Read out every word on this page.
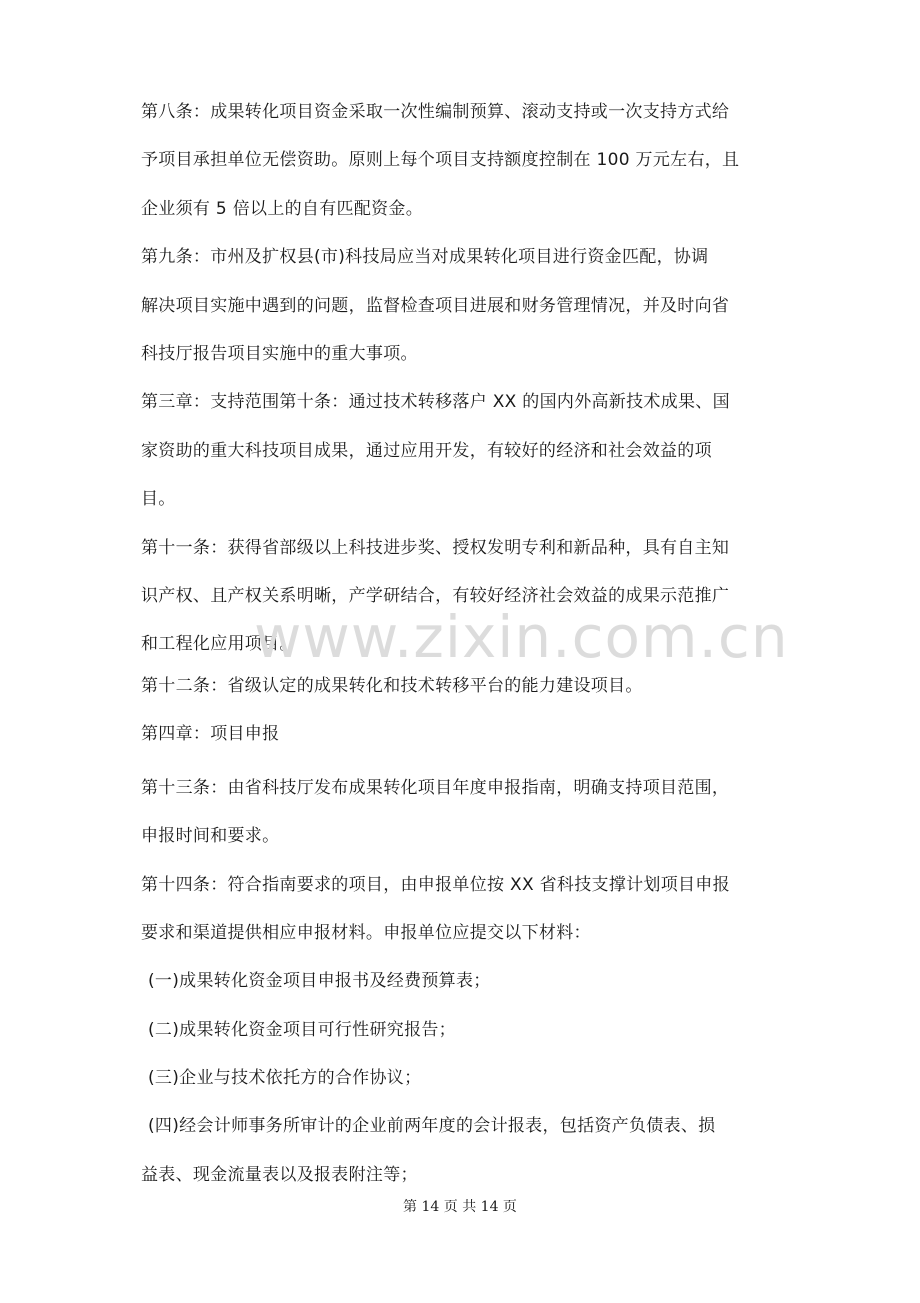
第八条：成果转化项目资金采取一次性编制预算、滚动支持或一次支持方式给
予项目承担单位无偿资助。原则上每个项目支持额度控制在 100 万元左右，且
企业须有 5 倍以上的自有匹配资金。
第九条：市州及扩权县(市)科技局应当对成果转化项目进行资金匹配，协调
解决项目实施中遇到的问题，监督检查项目进展和财务管理情况，并及时向省
科技厅报告项目实施中的重大事项。
第三章：支持范围第十条：通过技术转移落户 XX 的国内外高新技术成果、国
家资助的重大科技项目成果，通过应用开发，有较好的经济和社会效益的项
目。
第十一条：获得省部级以上科技进步奖、授权发明专利和新品种，具有自主知
识产权、且产权关系明晰，产学研结合，有较好经济社会效益的成果示范推广
和工程化应用项目。
第十二条：省级认定的成果转化和技术转移平台的能力建设项目。
第四章：项目申报
第十三条：由省科技厅发布成果转化项目年度申报指南，明确支持项目范围，
申报时间和要求。
第十四条：符合指南要求的项目，由申报单位按 XX 省科技支撑计划项目申报
要求和渠道提供相应申报材料。申报单位应提交以下材料：
(一)成果转化资金项目申报书及经费预算表；
(二)成果转化资金项目可行性研究报告；
(三)企业与技术依托方的合作协议；
(四)经会计师事务所审计的企业前两年度的会计报表，包括资产负债表、损
益表、现金流量表以及报表附注等；
www.zixin.com.cn
第 14 页 共 14 页
